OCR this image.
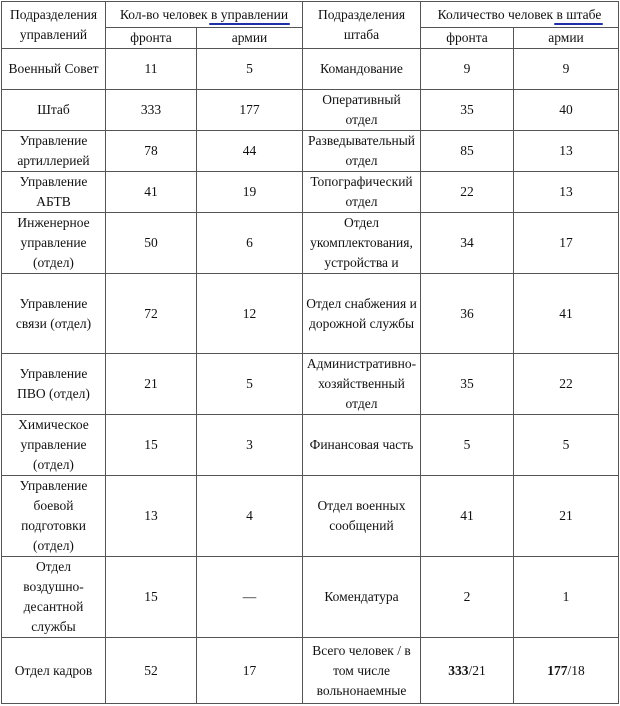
Подразделения управлений	Кол-во человек в управлении		Подразделения штаба	Количество человек в штабе	
	фронта	армии		фронта	армии
Военный Совет	11	5	Командование	9	9
Штаб	333	177	Оперативный отдел	35	40
Управление артиллерией	78	44	Разведывательный отдел	85	13
Управление АБТВ	41	19	Топографический отдел	22	13
Инженерное управление (отдел)	50	6	Отдел укомплектования, устройства и	34	17
Управление связи (отдел)	72	12	Отдел снабжения и дорожной службы	36	41
Управление ПВО (отдел)	21	5	Административно-хозяйственный отдел	35	22
Химическое управление (отдел)	15	3	Финансовая часть	5	5
Управление боевой подготовки (отдел)	13	4	Отдел военных сообщений	41	21
Отдел воздушно-десантной службы	15	—	Комендатура	2	1
Отдел кадров	52	17	Всего человек / в том числе вольнонаемные	333/21	177/18
